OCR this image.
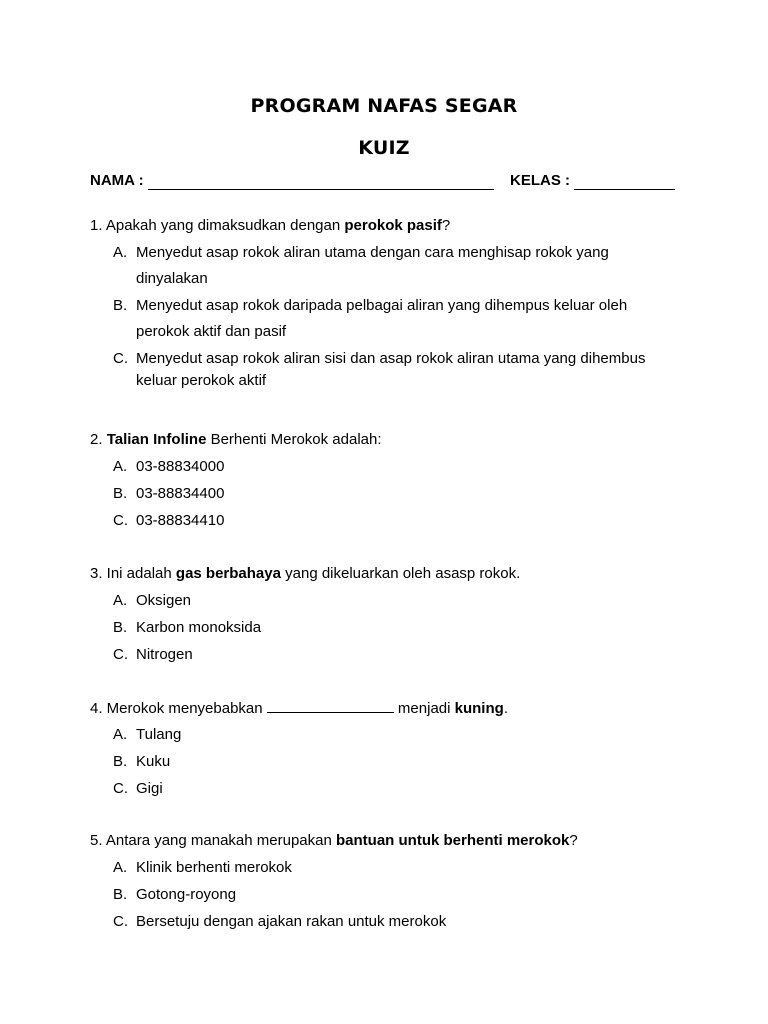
PROGRAM NAFAS SEGAR
KUIZ
NAMA :	KELAS :
1. Apakah yang dimaksudkan dengan perokok pasif?
A. Menyedut asap rokok aliran utama dengan cara menghisap rokok yang
dinyalakan
B. Menyedut asap rokok daripada pelbagai aliran yang dihempus keluar oleh
perokok aktif dan pasif
C. Menyedut asap rokok aliran sisi dan asap rokok aliran utama yang dihembus
keluar perokok aktif
2. Talian Infoline Berhenti Merokok adalah:
A. 03-88834000
B. 03-88834400
C. 03-88834410
3. Ini adalah gas berbahaya yang dikeluarkan oleh asasp rokok.
A. Oksigen
B. Karbon monoksida
C. Nitrogen
4. Merokok menyebabkan	menjadi kuning.
A. Tulang
B. Kuku
C. Gigi
5. Antara yang manakah merupakan bantuan untuk berhenti merokok?
A. Klinik berhenti merokok
B. Gotong-royong
C. Bersetuju dengan ajakan rakan untuk merokok
